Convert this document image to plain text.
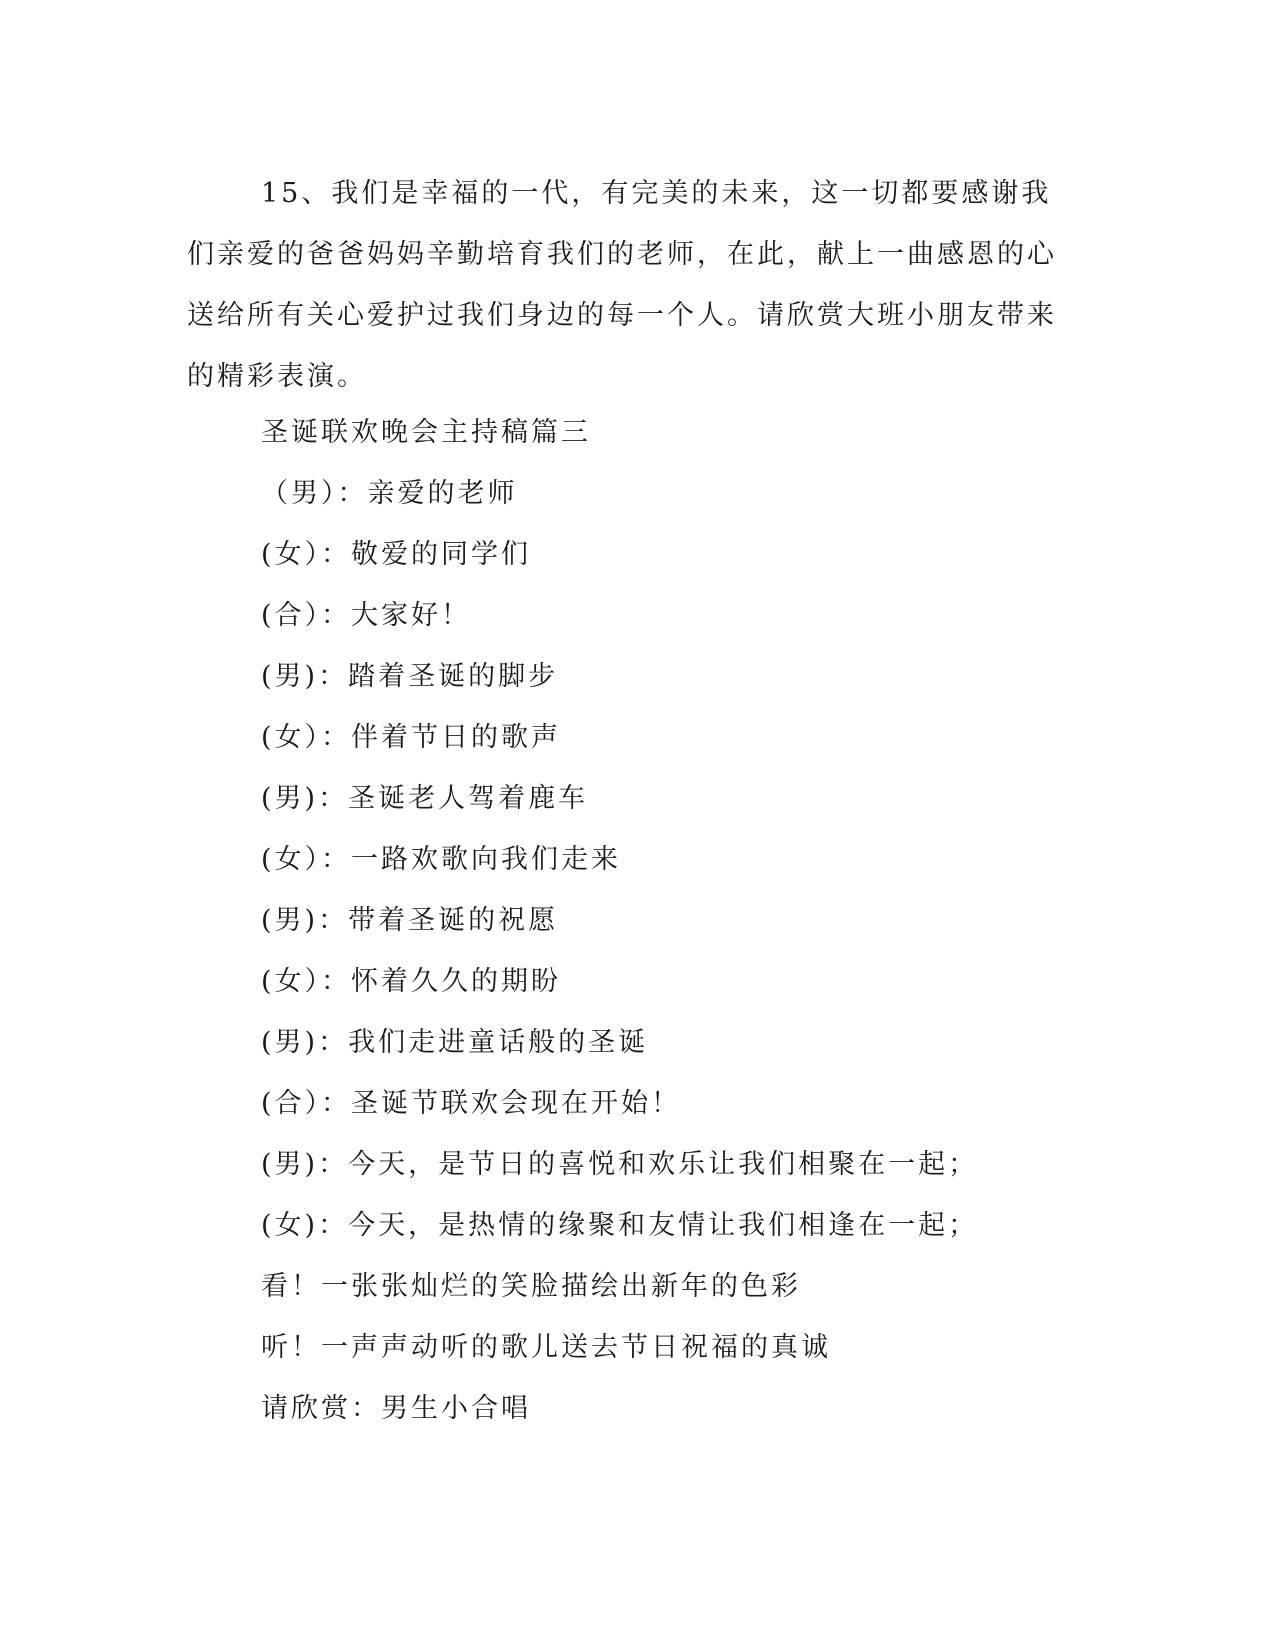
15、我们是幸福的一代，有完美的未来，这一切都要感谢我们亲爱的爸爸妈妈辛勤培育我们的老师，在此，献上一曲感恩的心送给所有关心爱护过我们身边的每一个人。请欣赏大班小朋友带来的精彩表演。

圣诞联欢晚会主持稿篇三
（男）：亲爱的老师
(女）：敬爱的同学们
(合）：大家好！
(男)：踏着圣诞的脚步
(女）：伴着节日的歌声
(男)：圣诞老人驾着鹿车
(女）：一路欢歌向我们走来
(男)：带着圣诞的祝愿
(女）：怀着久久的期盼
(男)：我们走进童话般的圣诞
(合）：圣诞节联欢会现在开始！
(男)：今天，是节日的喜悦和欢乐让我们相聚在一起；
(女)：今天，是热情的缘聚和友情让我们相逢在一起；
看！一张张灿烂的笑脸描绘出新年的色彩
听！一声声动听的歌儿送去节日祝福的真诚
请欣赏：男生小合唱
